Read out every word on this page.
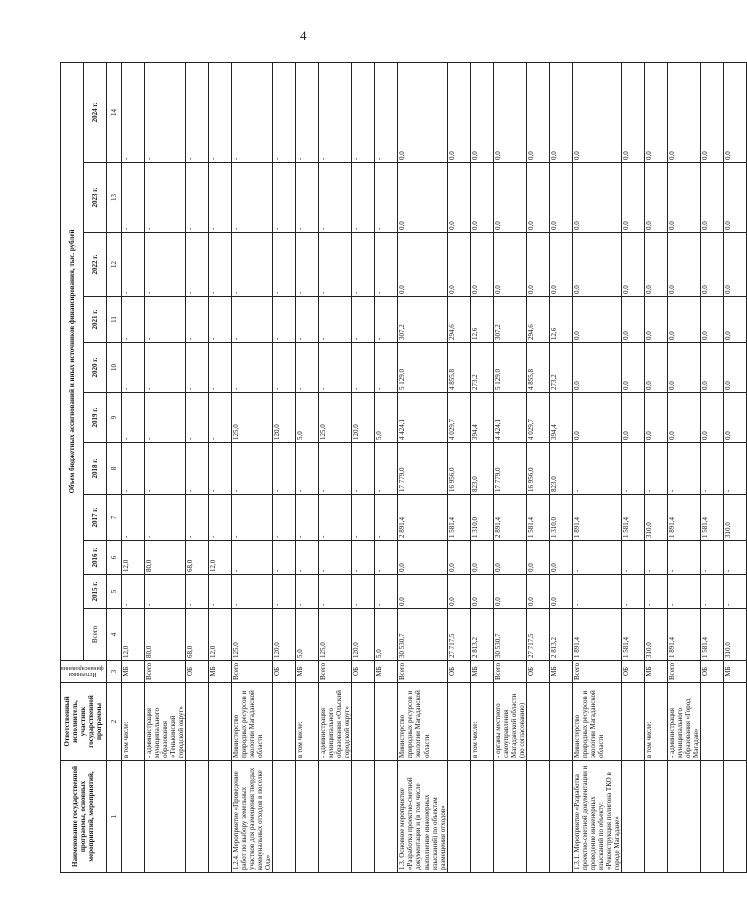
4
Наименование государственной программы, основных мероприятий, мероприятий,	Ответственный исполнитель, участник государственной программы	Источники финансирования	Объем бюджетных ассигнований и иных источников финансирования, тыс. рублей										
			Всего	2015 г.	2016 г.	2017 г.	2018 г.	2019 г.	2020 г.	2021 г.	2022 г.	2023 г.	2024 г.

1	2	3	4	5	6	7	8	9	10	11	12	13	14
	в том числе:	МБ	12,0	-	12,0	-	-	-	-	-	-	-	-
	- администрация муниципального образования «Тенькинский городской округ»	Всего	80,0	-	80,0	-	-	-	-	-	-	-	-
		ОБ	68,0	-	68,0	-	-	-	-	-	-	-	-
		МБ	12,0	-	12,0	-	-	-	-	-	-	-	-
1.2.4. Мероприятие «Проведение работ по выбору земельных участков для размещения твердых коммунальных отходов в поселке Ола»	Министерство природных ресурсов и экологии Магаданской области	Всего	125,0	-	-	-	-	125,0	-	-	-	-	-
		ОБ	120,0	-	-	-	-	120,0	-	-	-	-	-
	в том числе:	МБ	5,0	-	-	-	-	5,0	-	-	-	-	-
	- администрация муниципального образования «Ольский городской округ»	Всего	125,0	-	-	-	-	125,0	-	-	-	-	-
		ОБ	120,0	-	-	-	-	120,0	-	-	-	-	-
		МБ	5,0	-	-	-	-	5,0	-	-	-	-	-
1.3. Основное мероприятие «Разработка проектно-сметной документации и (в том числе выполнение инженерных изысканий) по объектам размещения отходов»	Министерство природных ресурсов и экологии Магаданской области	Всего	30 530,7	0,0	0,0	2 891,4	17 779,0	4 424,1	5 129,0	307,2	0,0	0,0	0,0
		ОБ	27 717,5	0,0	0,0	1 581,4	16 956,0	4 029,7	4 855,8	294,6	0,0	0,0	0,0
	в том числе:	МБ	2 813,2	0,0	0,0	1 310,0	823,0	394,4	273,2	12,6	0,0	0,0	0,0
	- органы местного самоуправления Магаданской области (по согласованию)	Всего	30 530,7	0,0	0,0	2 891,4	17 779,0	4 424,1	5 129,0	307,2	0,0	0,0	0,0
		ОБ	27 717,5	0,0	0,0	1 581,4	16 956,0	4 029,7	4 855,8	294,6	0,0	0,0	0,0
		МБ	2 813,2	0,0	0,0	1 310,0	823,0	394,4	273,2	12,6	0,0	0,0	0,0
1.3.1. Мероприятие «Разработка проектно-сметной документации и проведение инженерных изысканий по объекту: «Реконструкция полигона ТКО в городе Магадане»	Министерство природных ресурсов и экологии Магаданской области	Всего	1 891,4	-	-	1 891,4	-	0,0	0,0	0,0	0,0	0,0	0,0
		ОБ	1 581,4	-	-	1 581,4	-	0,0	0,0	0,0	0,0	0,0	0,0
	в том числе:	МБ	310,0	-	-	310,0	-	0,0	0,0	0,0	0,0	0,0	0,0
	- администрация муниципального образования «Город Магадан»	Всего	1 891,4	-	-	1 891,4	-	0,0	0,0	0,0	0,0	0,0	0,0
		ОБ	1 581,4	-	-	1 581,4	-	0,0	0,0	0,0	0,0	0,0	0,0
		МБ	310,0	-	-	310,0	-	0,0	0,0	0,0	0,0	0,0	0,0
